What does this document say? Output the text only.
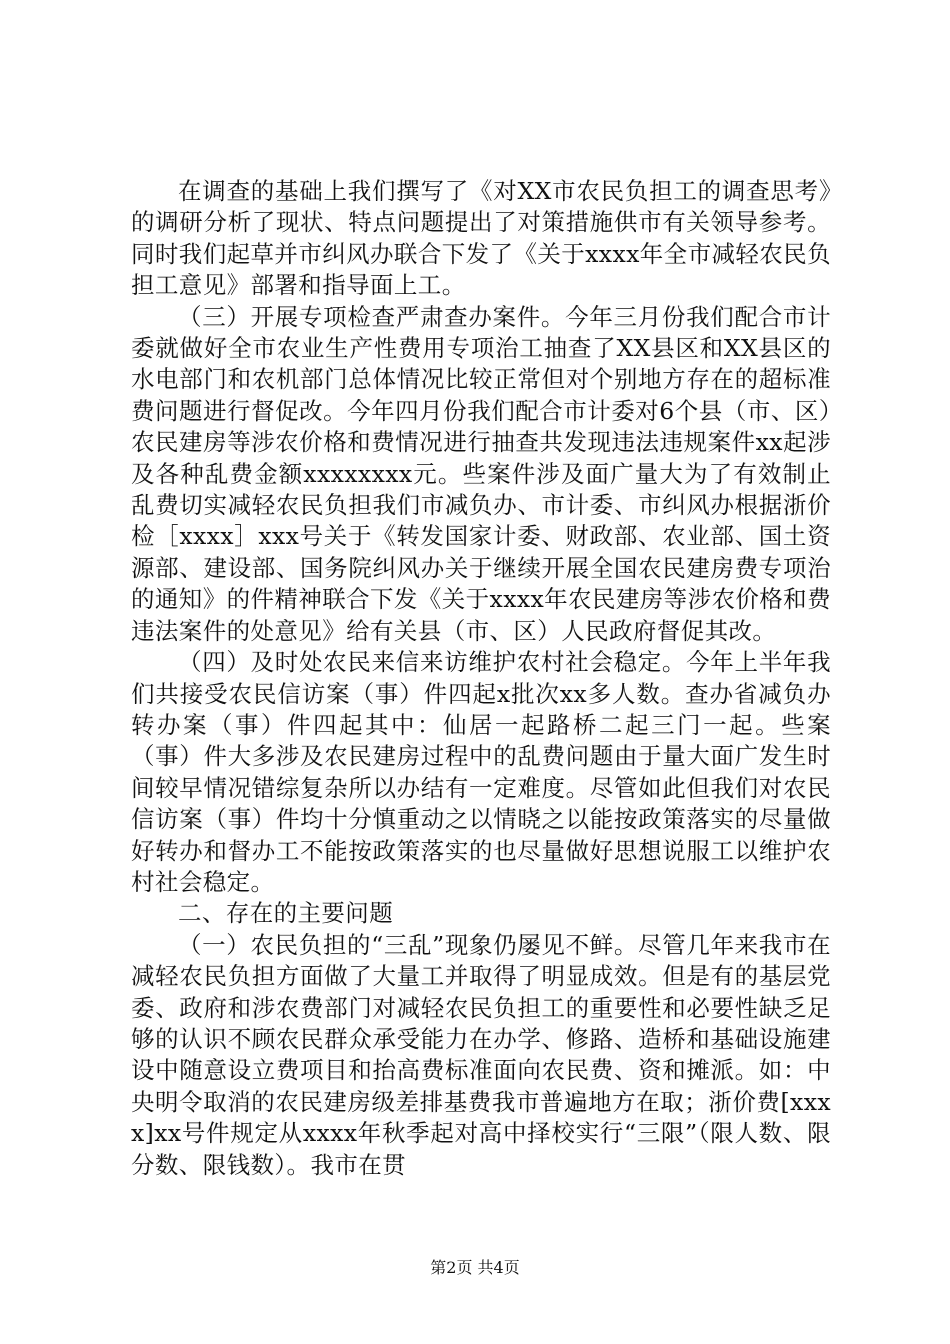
在调查的基础上我们撰写了《对XX市农民负担工的调查思考》的调研分析了现状、特点问题提出了对策措施供市有关领导参考。同时我们起草并市纠风办联合下发了《关于xxxx年全市减轻农民负担工意见》部署和指导面上工。

（三）开展专项检查严肃查办案件。今年三月份我们配合市计委就做好全市农业生产性费用专项治工抽查了XX县区和XX县区的水电部门和农机部门总体情况比较正常但对个别地方存在的超标准费问题进行督促改。今年四月份我们配合市计委对6个县（市、区）农民建房等涉农价格和费情况进行抽查共发现违法违规案件xx起涉及各种乱费金额xxxxxxxx元。些案件涉及面广量大为了有效制止乱费切实减轻农民负担我们市减负办、市计委、市纠风办根据浙价检［xxxx］xxx号关于《转发国家计委、财政部、农业部、国土资源部、建设部、国务院纠风办关于继续开展全国农民建房费专项治的通知》的件精神联合下发《关于xxxx年农民建房等涉农价格和费违法案件的处意见》给有关县（市、区）人民政府督促其改。

（四）及时处农民来信来访维护农村社会稳定。今年上半年我们共接受农民信访案（事）件四起x批次xx多人数。查办省减负办转办案（事）件四起其中：仙居一起路桥二起三门一起。些案（事）件大多涉及农民建房过程中的乱费问题由于量大面广发生时间较早情况错综复杂所以办结有一定难度。尽管如此但我们对农民信访案（事）件均十分慎重动之以情晓之以能按政策落实的尽量做好转办和督办工不能按政策落实的也尽量做好思想说服工以维护农村社会稳定。

二、存在的主要问题

（一）农民负担的“三乱”现象仍屡见不鲜。尽管几年来我市在减轻农民负担方面做了大量工并取得了明显成效。但是有的基层党委、政府和涉农费部门对减轻农民负担工的重要性和必要性缺乏足够的认识不顾农民群众承受能力在办学、修路、造桥和基础设施建设中随意设立费项目和抬高费标准面向农民费、资和摊派。如：中央明令取消的农民建房级差排基费我市普遍地方在取；浙价费[xxxx]xx号件规定从xxxx年秋季起对高中择校实行“三限”（限人数、限分数、限钱数）。我市在贯

第2页 共4页
